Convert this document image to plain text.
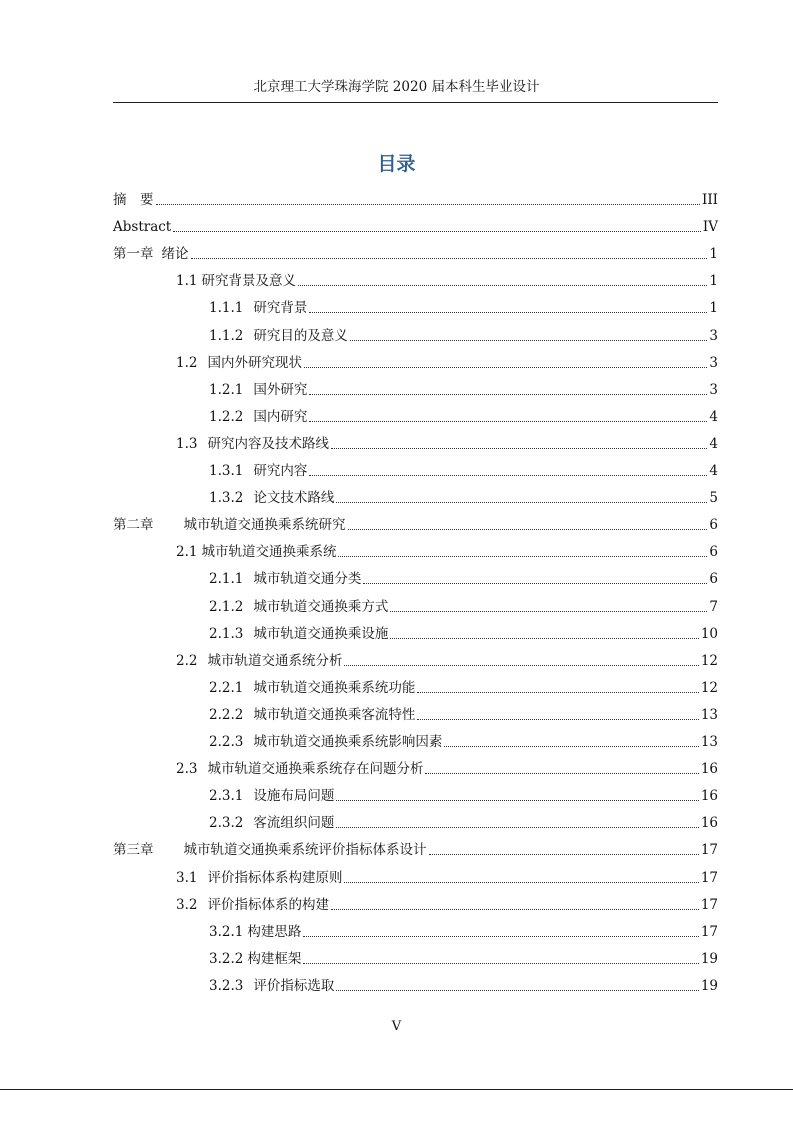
北京理工大学珠海学院 2020 届本科生毕业设计
目录
摘　要	III
Abstract	IV
第一章 绪论	1
1.1 研究背景及意义	1
1.1.1 研究背景	1
1.1.2 研究目的及意义	3
1.2 国内外研究现状	3
1.2.1 国外研究	3
1.2.2 国内研究	4
1.3 研究内容及技术路线	4
1.3.1 研究内容	4
1.3.2 论文技术路线	5
第二章 城市轨道交通换乘系统研究	6
2.1 城市轨道交通换乘系统	6
2.1.1 城市轨道交通分类	6
2.1.2 城市轨道交通换乘方式	7
2.1.3 城市轨道交通换乘设施	10
2.2 城市轨道交通系统分析	12
2.2.1 城市轨道交通换乘系统功能	12
2.2.2 城市轨道交通换乘客流特性	13
2.2.3 城市轨道交通换乘系统影响因素	13
2.3 城市轨道交通换乘系统存在问题分析	16
2.3.1 设施布局问题	16
2.3.2 客流组织问题	16
第三章 城市轨道交通换乘系统评价指标体系设计	17
3.1 评价指标体系构建原则	17
3.2 评价指标体系的构建	17
3.2.1 构建思路	17
3.2.2 构建框架	19
3.2.3 评价指标选取	19
V
